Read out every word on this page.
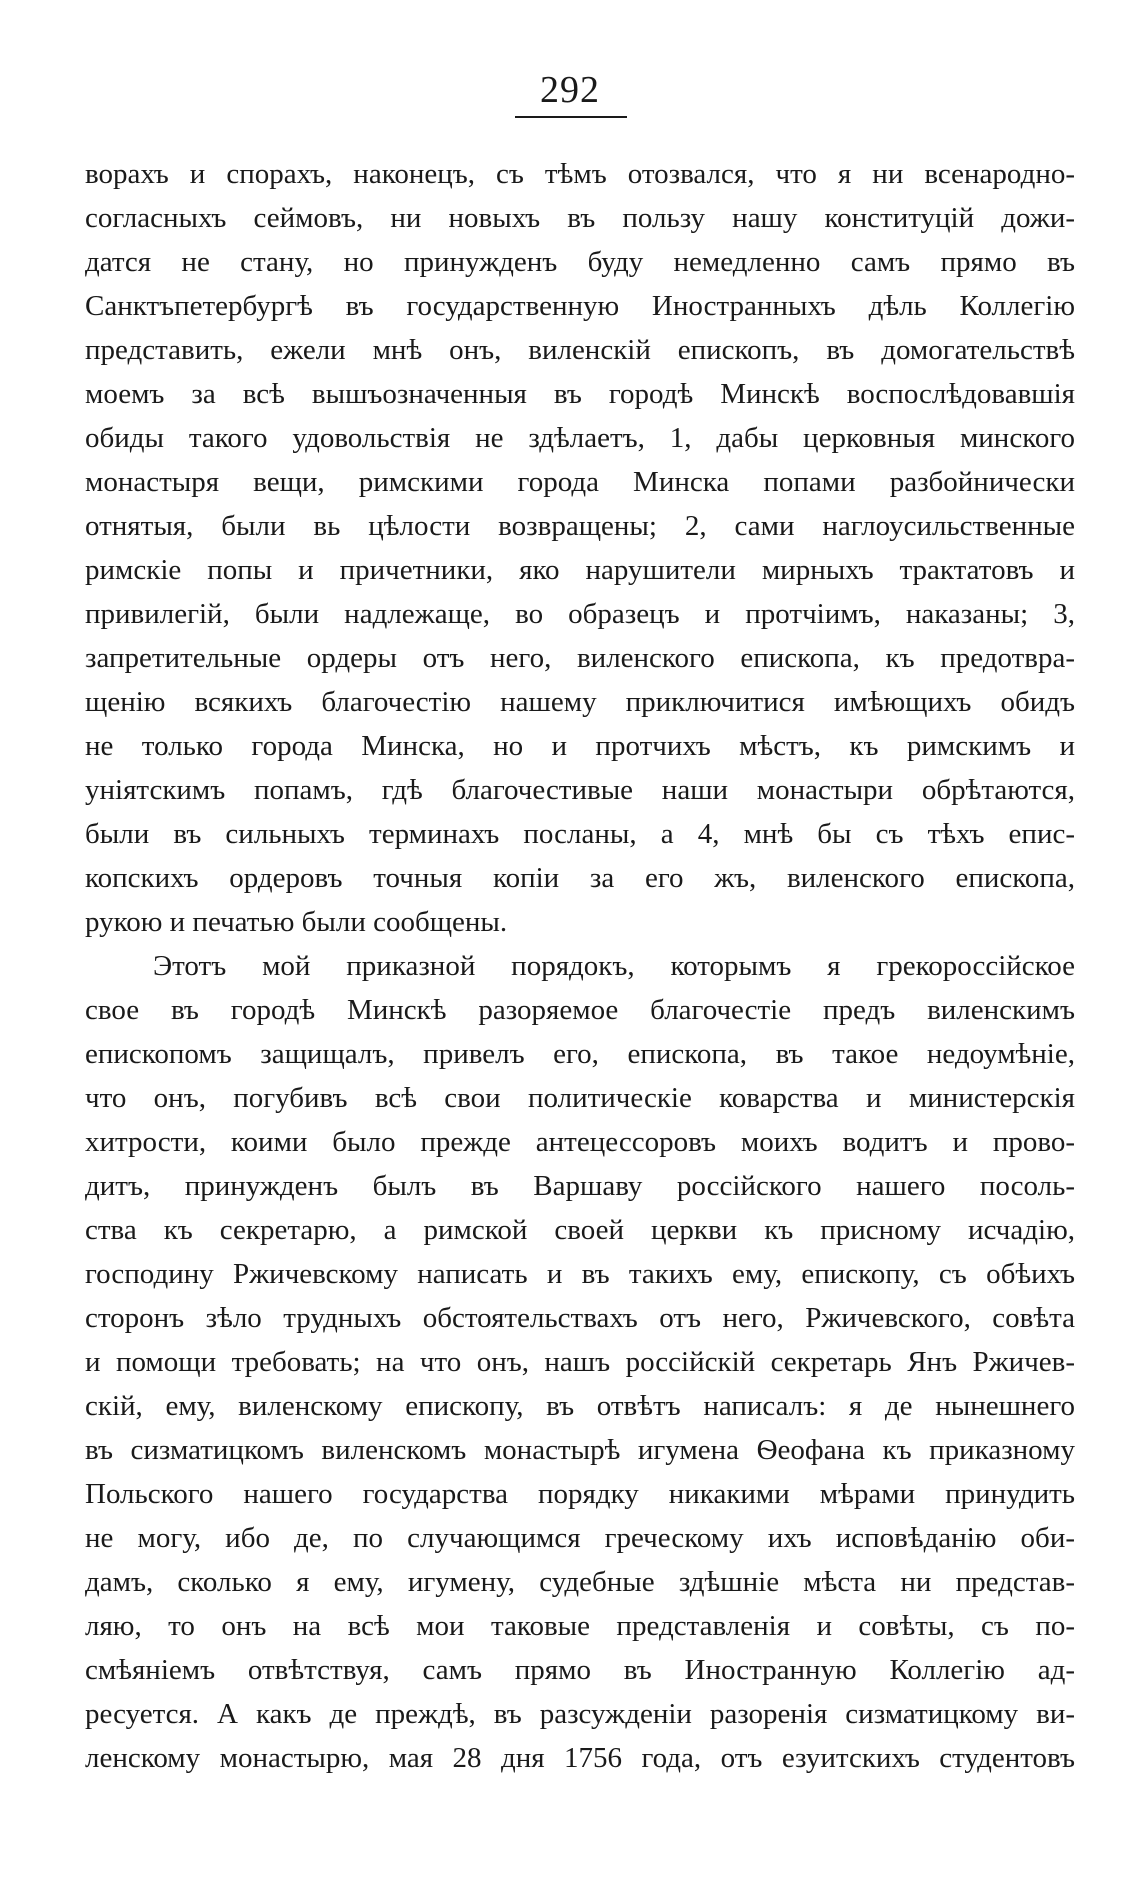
292
ворахъ и спорахъ, наконецъ, съ тѣмъ отозвался, что я ни всенародно-
согласныхъ сеймовъ, ни новыхъ въ пользу нашу конституцій дожи-
датся не стану, но принужденъ буду немедленно самъ прямо въ
Санктъпетербургѣ въ государственную Иностранныхъ дѣль Коллегію
представить, ежели мнѣ онъ, виленскій епископъ, въ домогательствѣ
моемъ за всѣ вышъозначенныя въ городѣ Минскѣ воспослѣдовавшія
обиды такого удовольствія не здѣлаетъ, 1, дабы церковныя минского
монастыря вещи, римскими города Минска попами разбойнически
отнятыя, были вь цѣлости возвращены; 2, сами наглоусильственные
римскіе попы и причетники, яко нарушители мирныхъ трактатовъ и
привилегій, были надлежаще, во образецъ и протчіимъ, наказаны; 3,
запретительные ордеры отъ него, виленского епископа, къ предотвра-
щенію всякихъ благочестію нашему приключитися имѣющихъ обидъ
не только города Минска, но и протчихъ мѣстъ, къ римскимъ и
уніятскимъ попамъ, гдѣ благочестивые наши монастыри обрѣтаются,
были въ сильныхъ терминахъ посланы, а 4, мнѣ бы съ тѣхъ епис-
копскихъ ордеровъ точныя копіи за его жъ, виленского епископа,
рукою и печатью были сообщены.
Этотъ мой приказной порядокъ, которымъ я грекороссійское
свое въ городѣ Минскѣ разоряемое благочестіе предъ виленскимъ
епископомъ защищалъ, привелъ его, епископа, въ такое недоумѣніе,
что онъ, погубивъ всѣ свои политическіе коварства и министерскія
хитрости, коими было прежде антецессоровъ моихъ водитъ и прово-
дитъ, принужденъ былъ въ Варшаву россійского нашего посоль-
ства къ секретарю, а римской своей церкви къ присному исчадію,
господину Ржичевскому написать и въ такихъ ему, епископу, съ обѣихъ
сторонъ зѣло трудныхъ обстоятельствахъ отъ него, Ржичевского, совѣта
и помощи требовать; на что онъ, нашъ россійскій секретарь Янъ Ржичев-
скій, ему, виленскому епископу, въ отвѣтъ написалъ: я де нынешнего
въ сизматицкомъ виленскомъ монастырѣ игумена Ѳеофана къ приказному
Польского нашего государства порядку никакими мѣрами принудить
не могу, ибо де, по случающимся греческому ихъ исповѣданію оби-
дамъ, сколько я ему, игумену, судебные здѣшніе мѣста ни представ-
ляю, то онъ на всѣ мои таковые представленія и совѣты, съ по-
смѣяніемъ отвѣтствуя, самъ прямо въ Иностранную Коллегію ад-
ресуется. А какъ де преждѣ, въ разсужденіи разоренія сизматицкому ви-
ленскому монастырю, мая 28 дня 1756 года, отъ езуитскихъ студентовъ
